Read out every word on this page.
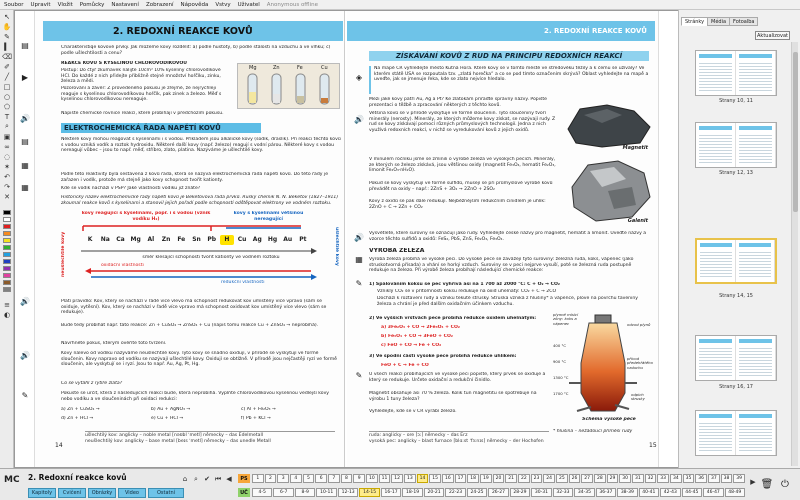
Soubor Upravit Vložit Pomůcky Nastavení Zobrazení Nápověda Vstvy Uživatel Anonymous offline
↖
✋
✎
▍
⌫
✐
╱
□
○
⬠
T
⌕
▣
∞
◌
✶
↶
↷
✕
≡
◐
▤
▶
🔊
▤
▦
▦
🔊
🔊
✎
2. REDOXNÍ REAKCE KOVŮ
Charakteristiqe kovové prvky. Jak můžeme kovy rozdělit: a) podle hustoty, b) podle stálosti na vzduchu a ve vlhku; c) podle ušlechtilosti a cenu?
REAKCE KOVŮ S KYSELINOU CHLOROVODÍKOVOU
Postup: Do čtyř zkumavek nalijte 10cm³ 10% kyseliny chlorovodíkové HCl. Do každé z nich přidejte přibližně stejné množství hořčíku, zinku, železa a mědi.
Pozorování a závěr: Z provedeného pokusu je zřejmé, že nejrychleji reaguje s kyselinou chlorovodíkovou hořčík, pak zinek a železo. Měď s kyselinou chlorovodíkovou nereaguje.
Napište chemické rovnice reakcí, které probíhají v předchozím pokusu.
Mg	Zn	Fe	Cu
ELEKTROCHEMICKÁ ŘADA NAPĚTÍ KOVŮ
Některé kovy mohou reagovat s kyselinami i s vodou. Příkladem jsou alkalické kovy (sodík, draslík). Při reakci těchto kovů s vodou vzniká vodík a roztok hydroxidu. Některé další kovy (např. železo) reagují s vodní párou. Některé kovy s vodou nereagují vůbec – jsou to např. měď, stříbro, zlato, platina. Nazýváme je ušlechtilé kovy.
Podle této reaktivity byla sestavena z kovů řada, která se nazývá elektrochemická řada napětí kovů. Do této řady je zařazen i vodík, protože má stejně jako kovy schopnost tvořit kationty.
Kde se vodík nachází v PSP? Jaké vlastnosti vodíku již znáte?
Historický název elektrochemické řady napětí kovů je Beketovova řada prvků. Ruský chemik N. N. Beketov (1827–1911) zkoumal reakce kovů s kyselinami a stanovil jejich pořadí podle schopnosti odštěpovat elektrony ve vodném roztoku.
kovy reagující s kyselinami, popř. i s vodou (vznik vodíku H₂)
kovy s kyselinami většinou nereagující
neušlechtilé kovy	ušlechtilé kovy
K	Na	Ca Mg	Al	Zn	Fe	Sn	Pb	H	Cu	Ag	Hg	Au	Pt
směr klesající schopnosti tvořit kationty ve vodném roztoku
oxidační vlastnosti
redukční vlastnosti
Platí pravidlo: Kov, který se nachází v řadě více vlevo má schopnost redukovat kov umístěný více vpravo (sám se oxiduje, vytěsní). Kov, který se nachází v řadě více vpravo má schopnost oxidovat kov umístěný více vlevo (sám se redukuje).
Bude tedy probíhat např. tato reakce: Zn + CuSO₄ → ZnSO₄ + Cu (napiš tomu reakce Cu + ZnSO₄ → neprobíhá).
Navrhněte pokus, kterým ověříte toto tvrzení.
Kovy nalevo od vodíku nazýváme neušlechtilé kovy. Tyto kovy se snadno oxidují, v přírodě se vyskytují ve formě sloučenin. Kovy napravo od vodíku se nazývají ušlechtilé kovy. Oxidují se obtížně. V přírodě jsou nejčastěji ryzí ve formě sloučenin, ale vyskytují se i ryzí. Jsou to např. Au, Ag, Pt, Hg.
Co se vytáhl z rytíře zlata?
Pokuste se určit, která z následujících reakcí bude, která neprobíhá. Vyplňte chlorovodíkovou kyselinou vedlejší kovy nebo vodíku a ve sloučeninách při oxidaci redukci:
a) Zn + CuSO₄ →	b) Au + AgNO₃ →	c) Al + Fe₂O₃ →
d) Zn + HCl →	e) Cu + HCl →	f) Pb + KCl →
14
ušlechtilý kov: anglicky – noble metal [nəʊbl ˈmetl] německy – das Edelmetall
neušlechtilý kov: anglicky – base metal [beɪs ˈmetl] německy – das unedle Metall
2. REDOXNÍ REAKCE KOVŮ
ZÍSKÁVÁNÍ KOVŮ Z RUD NA PRINCIPU REDOXNÍCH REAKCÍ
◈
🔊
🔊
▦
✎
✎
Na mapě ČR vyhledejte město Kutná Hora. Které kovy se v tomto městě ve středověku těžily a k čemu se užívaly? Ve kterém státě USA se rozpoutala tzv. „zlatá horečka“ a co se pod tímto označením skrývá? Oblast vyhledejte na mapě a uveďte, jak se jmenuje řeka, kde se zlato nejvíce hledalo.
Mezi jaké kovy patří Au, Ag a Pt? Ke zlatokám přiřaďte správný názvy. Popište prezentaci o těžbě a zpracování některých z těchto kovů.
Většina kovů se v přírodě vyskytuje ve formě sloučenin. Tyto sloučeniny tvoří minerály (nerosty). Minerály, ze kterých můžeme kovy získat, se nazývají rudy. Z rud se kovy získávají pomocí různých průmyslových technologií. Jedna z nich využívá redoxních reakcí, v nichž se vyredukování kovů z jejich oxidů.
V minulém ročníku jsme se zmínili o výrobě železa ve vysokých pecích. Minerály, ze kterých se železo získává, jsou většinou oxidy (magnetit Fe₃O₄, hematit Fe₂O₃, limonit Fe₂O₃·nH₂O).
Pokud se kovy vyskytují ve formě sulfidů, musejí se při průmyslové výrobě kovů převádět na oxidy – např.: 2ZnS + 3O₂ → 2ZnO + 2SO₂
Kovy z oxidů se pak dále redukují. Nejběžnějším redukčním činidlem je uhlík: 2ZnO + C → 2Zn + CO₂
Magnetit
Galenit
Vysvětlete, které surovny se označují jako rudy. Vyhledejte české názvy pro magnetit, hematit a limonit. Uveďte názvy a vzorce těchto sulfidů a oxidů: FeS₂, PbS, ZnS, Fe₂O₃, Fe₃O₄.
VÝROBA ŽELEZA
Výroba železa probíhá ve vysoké peci. Do vysoké pece se zavážejí tyto suroviny: železná ruda, koks, vápenec (jako struskotvorná přísada) a vhání se horký vzduch. Suroviny se v peci nejprve vysuší, poté se železná ruda postupně redukuje na železo. Při výrobě železa probíhají následující chemické reakce:
1) Spalováním koksu se pec vyhřívá asi na 1 700 až 2000 °C: C + O₂ → CO₂
Vzniklý CO₂ se v přítomnosti koksu redukuje na oxid uhelnatý: CO₂ + C → 2CO
Dochází k roztavení rudy a vzniku tekuté strusky. Struska vzniká z hlušiny* a vápence, plove na povrchu taveniny železa a chrání je před dalším oxidačním účinkem vzduchu.
2) Ve vyšších vrstvách pece probíhá redukce oxidem uhelnatým:
a) 3Fe₂O₃ + CO → 2Fe₃O₄ + CO₂
b) Fe₃O₄ + CO → 3FeO + CO₂
c) FeO + CO → Fe + CO₂
3) Ve spodní části vysoké pece probíhá redukce uhlíkem:
FeO + C → Fe + CO
U všech reakcí probíhajících ve vysoké peci popište, který prvek se oxiduje a který se redukuje. Určete oxidační a redukční činidlo.
Magnetit obsahuje asi 70 % železa. Kolik tun magnetitu se spotřebuje na výrobu 1 tuny železa?
Vyhledejte, kde se v ČR vyrábí železo.
plynné mísící zóny: koks a vápenec	odvod plynů
přívod předehřátého vzduchu
odpich strusky
400 °C
900 °C
1300 °C
1700 °C
Schéma vysoké pece
ruda: anglicky – ore [ɔː] německy – das Erz
vysoká pec: anglicky – blast furnace [blɑːst ˈfɜːnɪs] německy – der Hochofen
* hlušina – nežádoucí příměsi rudy
15
Stránky	Média	Fotoalba
Aktualizovat
Strany 10, 11
Strany 12, 13
Strany 14, 15
Strany 16, 17
MC 2. Redoxní reakce kovů
Kapitoly	Cvičení	Obrázky	Video	Ostatní
⌂ ⌕ ✔ ⏮ ◀	PS
UČ
1	2	3	4	5	6	7	8	9	10	11	12	13	14	15	16	17	18	19	20	21	22	23	24	25	26	27	28	29	30	31	32	33	34	35	36	37	38	39
4-5	6-7	8-9	10-11	12-13	14-15	16-17	18-19	20-21	22-23	24-25	26-27	28-29	30-31	32-33	34-35	36-37	38-39	40-41	42-43	44-45	46-47	48-49
▶ 🗑 ⏻
